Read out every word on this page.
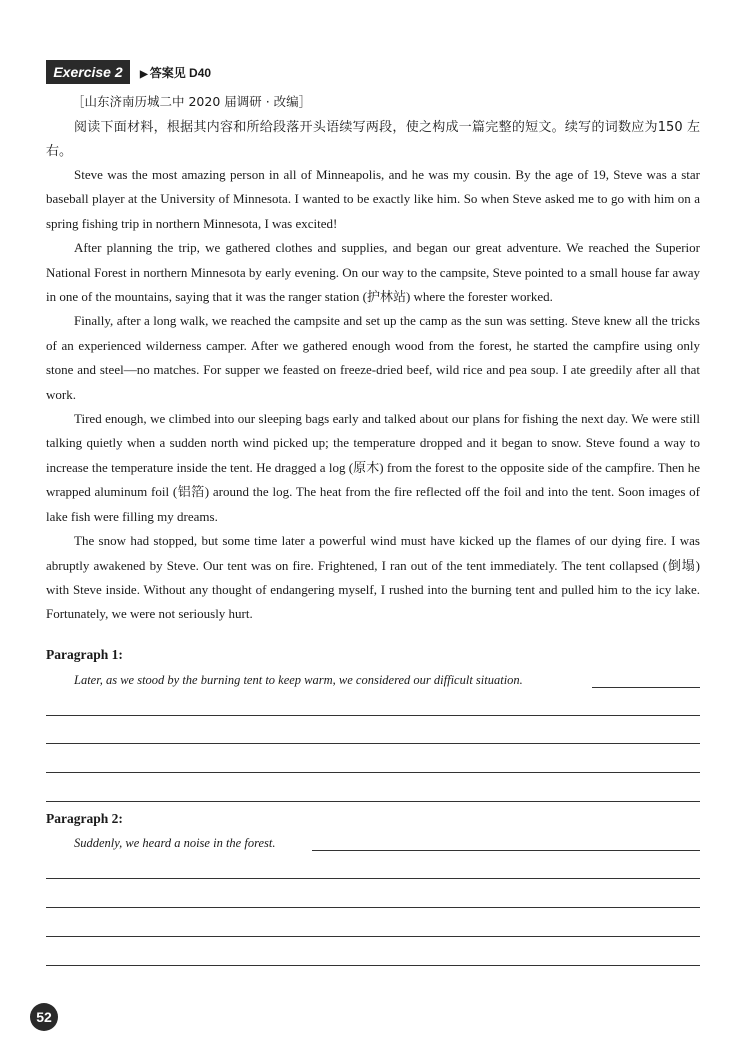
Exercise 2	▶ 答案见 D40
［山东济南历城二中 2020 届调研 · 改编］
阅读下面材料，根据其内容和所给段落开头语续写两段，使之构成一篇完整的短文。续写的词数应为150 左右。

Steve was the most amazing person in all of Minneapolis, and he was my cousin. By the age of 19, Steve was a star baseball player at the University of Minnesota. I wanted to be exactly like him. So when Steve asked me to go with him on a spring fishing trip in northern Minnesota, I was excited!

After planning the trip, we gathered clothes and supplies, and began our great adventure. We reached the Superior National Forest in northern Minnesota by early evening. On our way to the campsite, Steve pointed to a small house far away in one of the mountains, saying that it was the ranger station (护林站) where the forester worked.

Finally, after a long walk, we reached the campsite and set up the camp as the sun was setting. Steve knew all the tricks of an experienced wilderness camper. After we gathered enough wood from the forest, he started the campfire using only stone and steel—no matches. For supper we feasted on freeze-dried beef, wild rice and pea soup. I ate greedily after all that work.

Tired enough, we climbed into our sleeping bags early and talked about our plans for fishing the next day. We were still talking quietly when a sudden north wind picked up; the temperature dropped and it began to snow. Steve found a way to increase the temperature inside the tent. He dragged a log (原木) from the forest to the opposite side of the campfire. Then he wrapped aluminum foil (铝箔) around the log. The heat from the fire reflected off the foil and into the tent. Soon images of lake fish were filling my dreams.

The snow had stopped, but some time later a powerful wind must have kicked up the flames of our dying fire. I was abruptly awakened by Steve. Our tent was on fire. Frightened, I ran out of the tent immediately. The tent collapsed (倒塌) with Steve inside. Without any thought of endangering myself, I rushed into the burning tent and pulled him to the icy lake. Fortunately, we were not seriously hurt.

Paragraph 1:
Later, as we stood by the burning tent to keep warm, we considered our difficult situation.
Paragraph 2:
Suddenly, we heard a noise in the forest.
52
